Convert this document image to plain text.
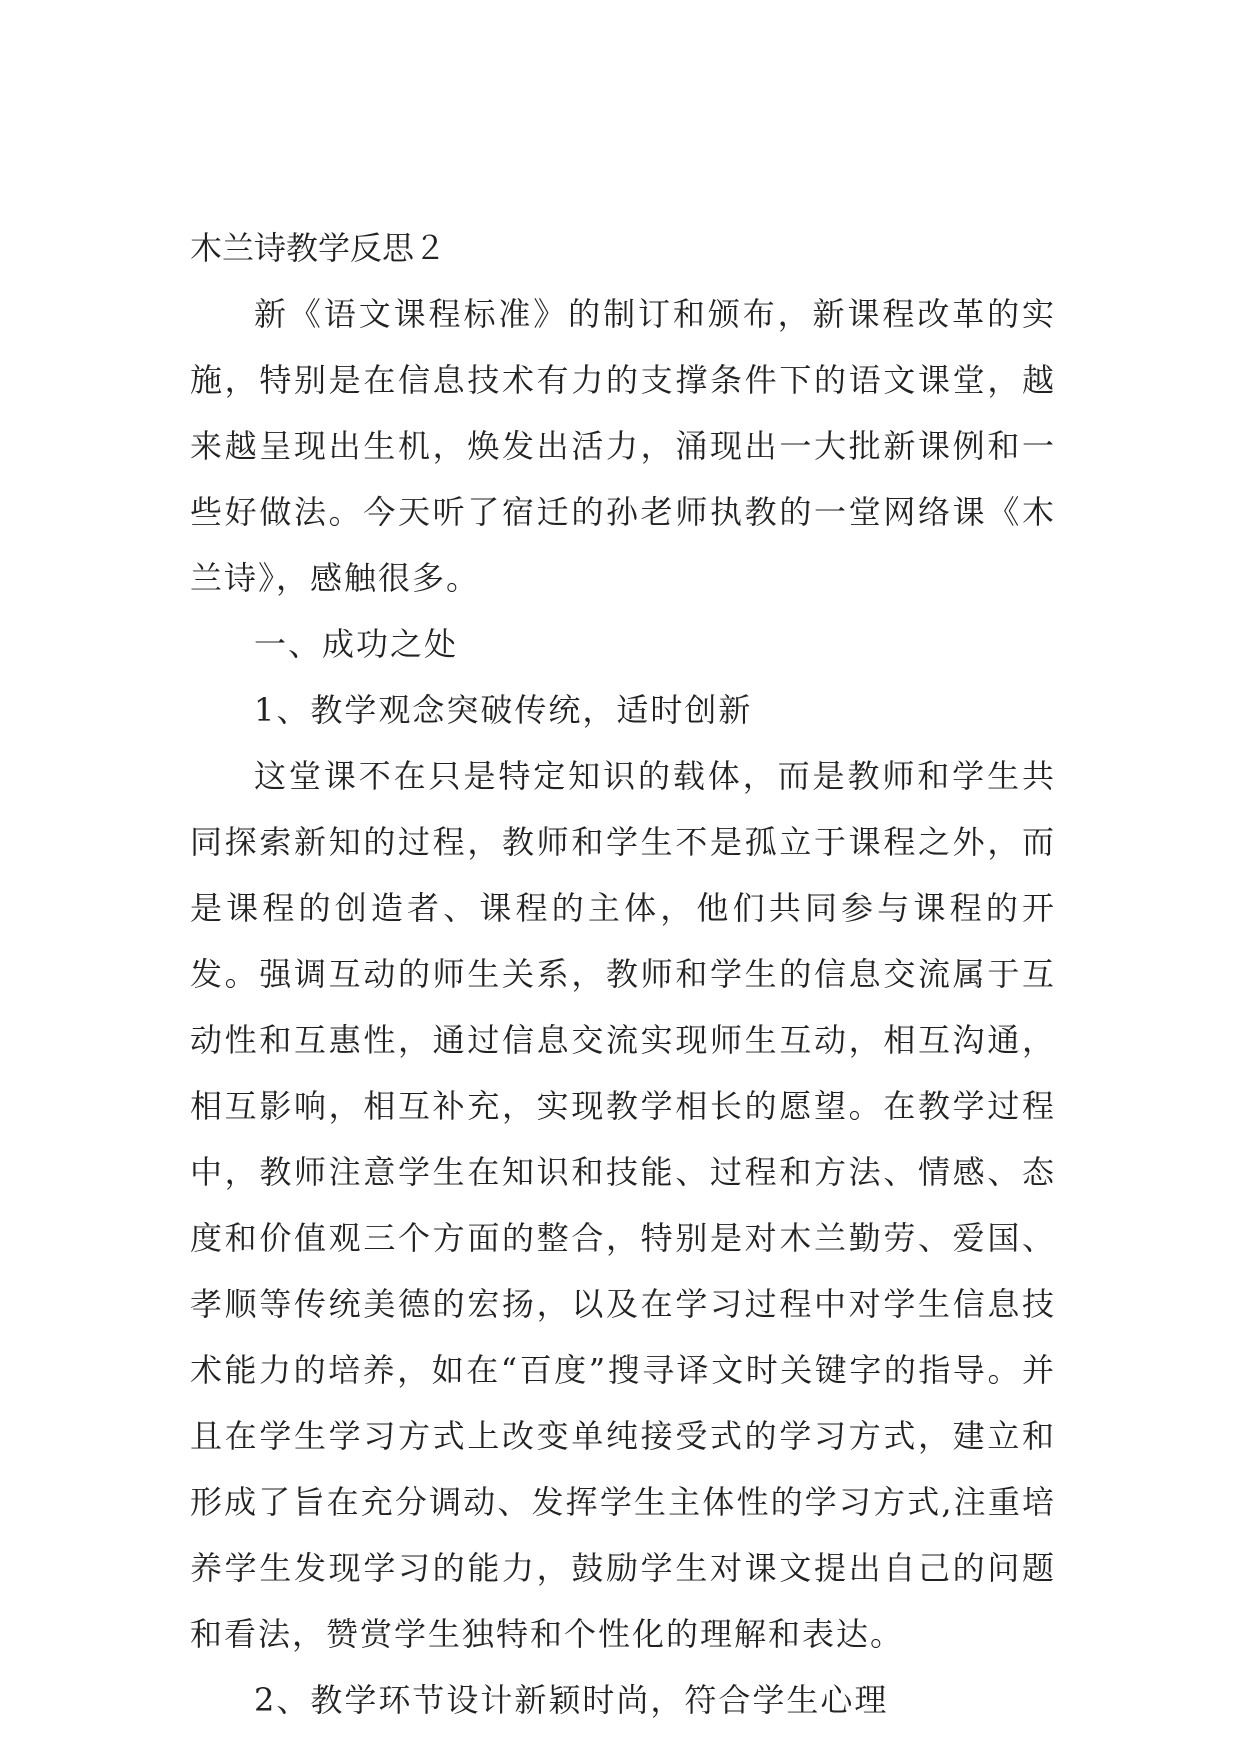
木兰诗教学反思２

新《语文课程标准》的制订和颁布，新课程改革的实施，特别是在信息技术有力的支撑条件下的语文课堂，越来越呈现出生机，焕发出活力，涌现出一大批新课例和一些好做法。今天听了宿迁的孙老师执教的一堂网络课《木兰诗》，感触很多。

一、成功之处

1、教学观念突破传统，适时创新

这堂课不在只是特定知识的载体，而是教师和学生共同探索新知的过程，教师和学生不是孤立于课程之外，而是课程的创造者、课程的主体，他们共同参与课程的开发。强调互动的师生关系，教师和学生的信息交流属于互动性和互惠性，通过信息交流实现师生互动，相互沟通，相互影响，相互补充，实现教学相长的愿望。在教学过程中，教师注意学生在知识和技能、过程和方法、情感、态度和价值观三个方面的整合，特别是对木兰勤劳、爱国、孝顺等传统美德的宏扬，以及在学习过程中对学生信息技术能力的培养，如在“百度”搜寻译文时关键字的指导。并且在学生学习方式上改变单纯接受式的学习方式，建立和形成了旨在充分调动、发挥学生主体性的学习方式,注重培养学生发现学习的能力，鼓励学生对课文提出自己的问题和看法，赞赏学生独特和个性化的理解和表达。

2、教学环节设计新颖时尚，符合学生心理
